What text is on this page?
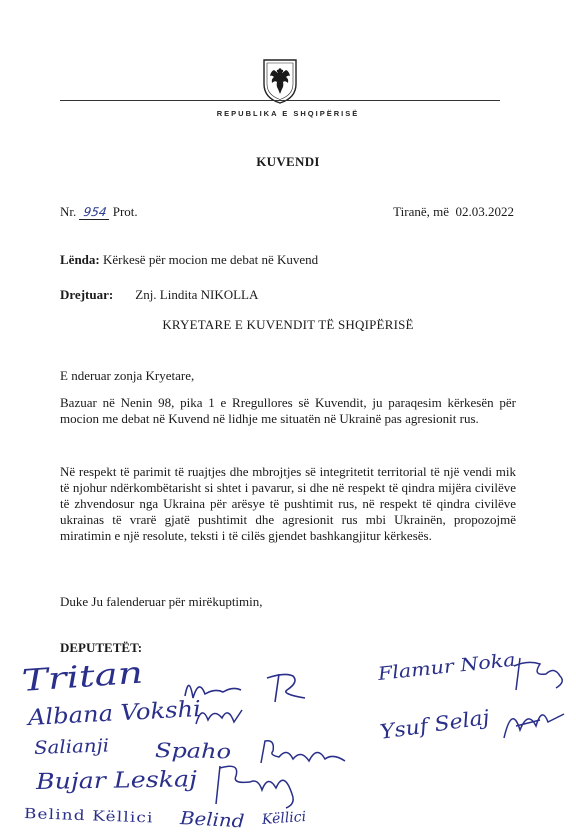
REPUBLIKA E SHQIPËRISË
KUVENDI
Nr. 954 Prot.	Tiranë, më  02.03.2022
Lënda: Kërkesë për mocion me debat në Kuvend
Drejtuar: Znj. Lindita NIKOLLA
KRYETARE E KUVENDIT TË SHQIPËRISË
E nderuar zonja Kryetare,
Bazuar në Nenin 98, pika 1 e Rregullores së Kuvendit, ju paraqesim kërkesën për mocion me debat në Kuvend në lidhje me situatën në Ukrainë pas agresionit rus.
Në respekt të parimit të ruajtjes dhe mbrojtjes së integritetit territorial të një vendi mik të njohur ndërkombëtarisht si shtet i pavarur, si dhe në respekt të qindra mijëra civilëve të zhvendosur nga Ukraina për arësye të pushtimit rus, në respekt të qindra civilëve ukrainas të vrarë gjatë pushtimit dhe agresionit rus mbi Ukrainën, propozojmë miratimin e një resolute, teksti i të cilës gjendet bashkangjitur kërkesës.
Duke Ju falenderuar për mirëkuptimin,
DEPUTETËT:
Tritan
Albana Vokshi
Salianji Spaho
Bujar Leskaj
Belind Këllici Belind Këllici
Flamur Noka
Ysuf Selaj
